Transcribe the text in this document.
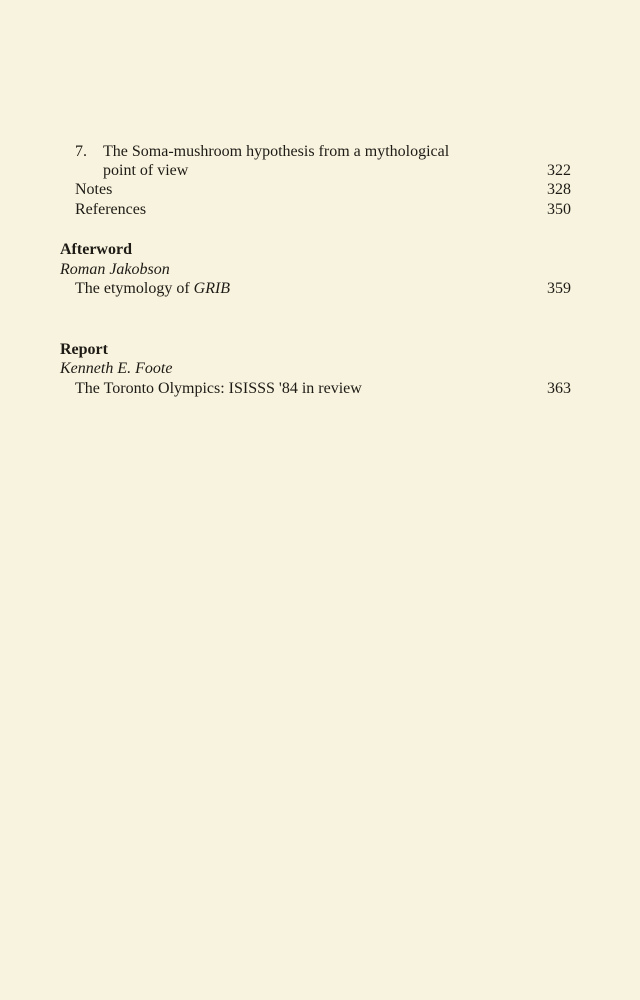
7. The Soma-mushroom hypothesis from a mythological
point of view	322
Notes	328
References	350
Afterword
Roman Jakobson
The etymology of GRIB	359
Report
Kenneth E. Foote
The Toronto Olympics: ISISSS '84 in review	363
